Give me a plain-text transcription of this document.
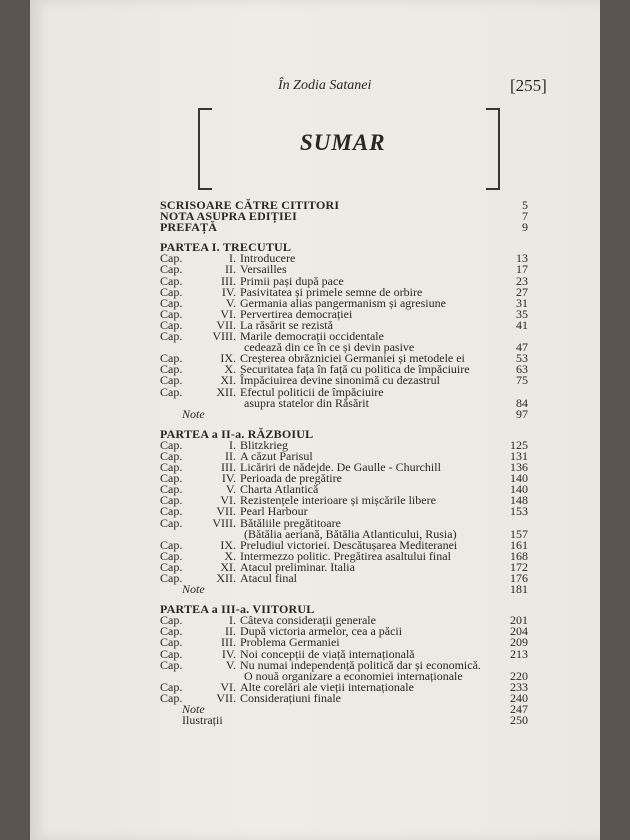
În Zodia Satanei	[255]
SUMAR
SCRISOARE CĂTRE CITITORI	5
NOTA ASUPRA EDIȚIEI	7
PREFAȚĂ	9
PARTEA I. TRECUTUL
Cap.	I. Introducere	13
Cap.	II. Versailles	17
Cap.	III. Primii pași după pace	23
Cap.	IV. Pasivitatea și primele semne de orbire	27
Cap.	V. Germania alias pangermanism și agresiune	31
Cap.	VI. Pervertirea democrației	35
Cap.	VII. La răsărit se rezistă	41
Cap.	VIII. Marile democrații occidentale
cedează din ce în ce și devin pasive	47
Cap.	IX. Creșterea obrăzniciei Germaniei și metodele ei	53
Cap.	X. Securitatea fața în față cu politica de împăciuire	63
Cap.	XI. Împăciuirea devine sinonimă cu dezastrul	75
Cap.	XII. Efectul politicii de împăciuire
asupra statelor din Răsărit	84
Note	97
PARTEA a II-a. RĂZBOIUL
Cap.	I. Blitzkrieg	125
Cap.	II. A căzut Parisul	131
Cap.	III. Licăriri de nădejde. De Gaulle - Churchill	136
Cap.	IV. Perioada de pregătire	140
Cap.	V. Charta Atlantică	140
Cap.	VI. Rezistențele interioare și mișcările libere	148
Cap.	VII. Pearl Harbour	153
Cap.	VIII. Bătăliile pregătitoare
(Bătălia aeriană, Bătălia Atlanticului, Rusia)	157
Cap.	IX. Preludiul victoriei. Descătușarea Mediteranei	161
Cap.	X. Intermezzo politic. Pregătirea asaltului final	168
Cap.	XI. Atacul preliminar. Italia	172
Cap.	XII. Atacul final	176
Note	181
PARTEA a III-a. VIITORUL
Cap.	I. Câteva considerații generale	201
Cap.	II. După victoria armelor, cea a păcii	204
Cap.	III. Problema Germaniei	209
Cap.	IV. Noi concepții de viață internațională	213
Cap.	V. Nu numai independență politică dar și economică.
O nouă organizare a economiei internaționale	220
Cap.	VI. Alte corelări ale vieții internaționale	233
Cap.	VII. Considerațiuni finale	240
Note	247
Ilustrații	250
